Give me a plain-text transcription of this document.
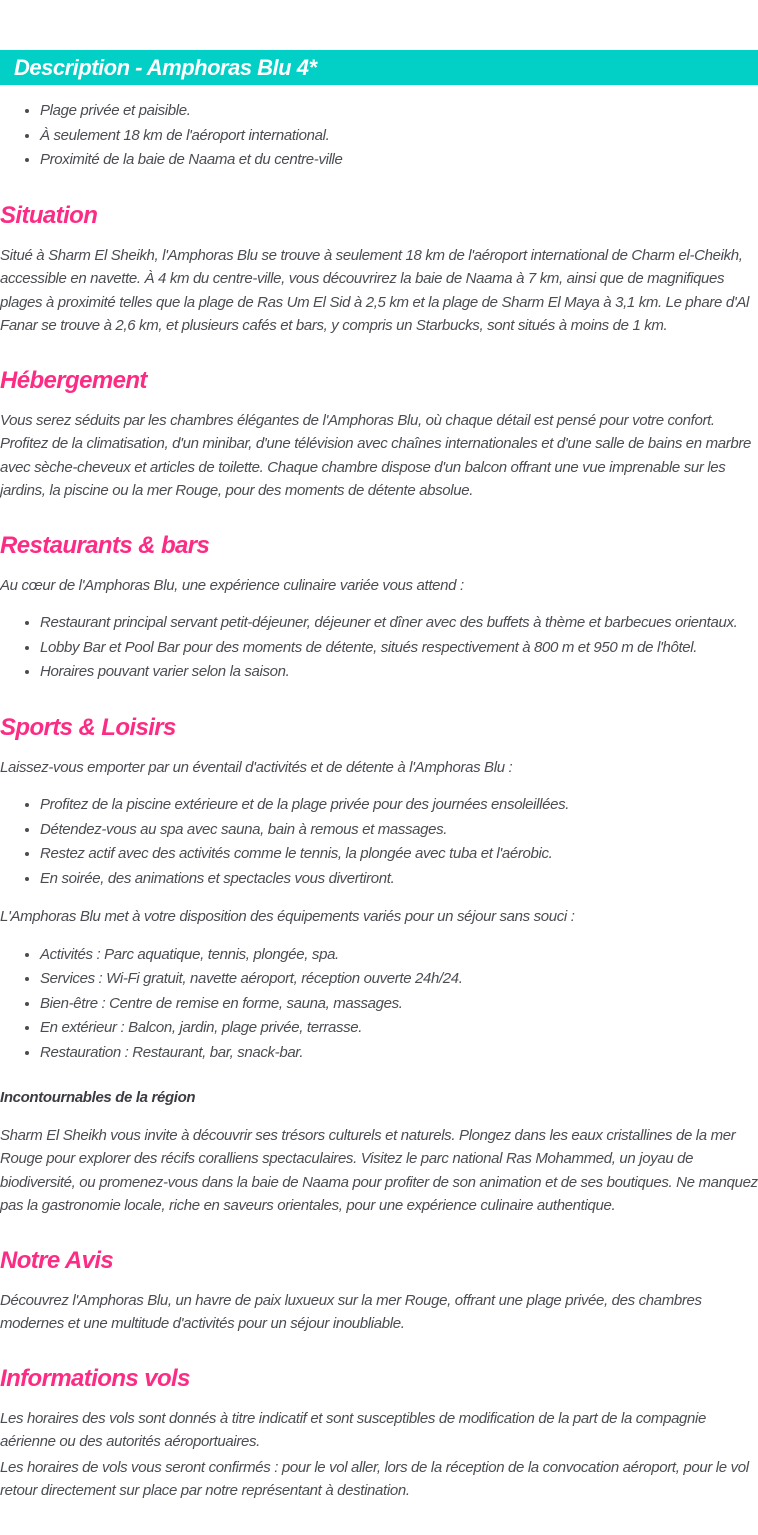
Description - Amphoras Blu 4*
• Plage privée et paisible.
• À seulement 18 km de l'aéroport international.
• Proximité de la baie de Naama et du centre-ville
Situation

Situé à Sharm El Sheikh, l'Amphoras Blu se trouve à seulement 18 km de l'aéroport international de Charm el-Cheikh, accessible en navette. À 4 km du centre-ville, vous découvrirez la baie de Naama à 7 km, ainsi que de magnifiques plages à proximité telles que la plage de Ras Um El Sid à 2,5 km et la plage de Sharm El Maya à 3,1 km. Le phare d'Al Fanar se trouve à 2,6 km, et plusieurs cafés et bars, y compris un Starbucks, sont situés à moins de 1 km.

Hébergement

Vous serez séduits par les chambres élégantes de l'Amphoras Blu, où chaque détail est pensé pour votre confort. Profitez de la climatisation, d'un minibar, d'une télévision avec chaînes internationales et d'une salle de bains en marbre avec sèche-cheveux et articles de toilette. Chaque chambre dispose d'un balcon offrant une vue imprenable sur les jardins, la piscine ou la mer Rouge, pour des moments de détente absolue.

Restaurants & bars

Au cœur de l'Amphoras Blu, une expérience culinaire variée vous attend :

• Restaurant principal servant petit-déjeuner, déjeuner et dîner avec des buffets à thème et barbecues orientaux.
• Lobby Bar et Pool Bar pour des moments de détente, situés respectivement à 800 m et 950 m de l'hôtel.
• Horaires pouvant varier selon la saison.
Sports & Loisirs

Laissez-vous emporter par un éventail d'activités et de détente à l'Amphoras Blu :

• Profitez de la piscine extérieure et de la plage privée pour des journées ensoleillées.
• Détendez-vous au spa avec sauna, bain à remous et massages.
• Restez actif avec des activités comme le tennis, la plongée avec tuba et l'aérobic.
• En soirée, des animations et spectacles vous divertiront.

L'Amphoras Blu met à votre disposition des équipements variés pour un séjour sans souci :

• Activités : Parc aquatique, tennis, plongée, spa.
• Services : Wi-Fi gratuit, navette aéroport, réception ouverte 24h/24.
• Bien-être : Centre de remise en forme, sauna, massages.
• En extérieur : Balcon, jardin, plage privée, terrasse.
• Restauration : Restaurant, bar, snack-bar.

Incontournables de la région

Sharm El Sheikh vous invite à découvrir ses trésors culturels et naturels. Plongez dans les eaux cristallines de la mer Rouge pour explorer des récifs coralliens spectaculaires. Visitez le parc national Ras Mohammed, un joyau de biodiversité, ou promenez-vous dans la baie de Naama pour profiter de son animation et de ses boutiques. Ne manquez pas la gastronomie locale, riche en saveurs orientales, pour une expérience culinaire authentique.

Notre Avis

Découvrez l'Amphoras Blu, un havre de paix luxueux sur la mer Rouge, offrant une plage privée, des chambres modernes et une multitude d'activités pour un séjour inoubliable.

Informations vols

Les horaires des vols sont donnés à titre indicatif et sont susceptibles de modification de la part de la compagnie aérienne ou des autorités aéroportuaires.

Les horaires de vols vous seront confirmés : pour le vol aller, lors de la réception de la convocation aéroport, pour le vol retour directement sur place par notre représentant à destination.
